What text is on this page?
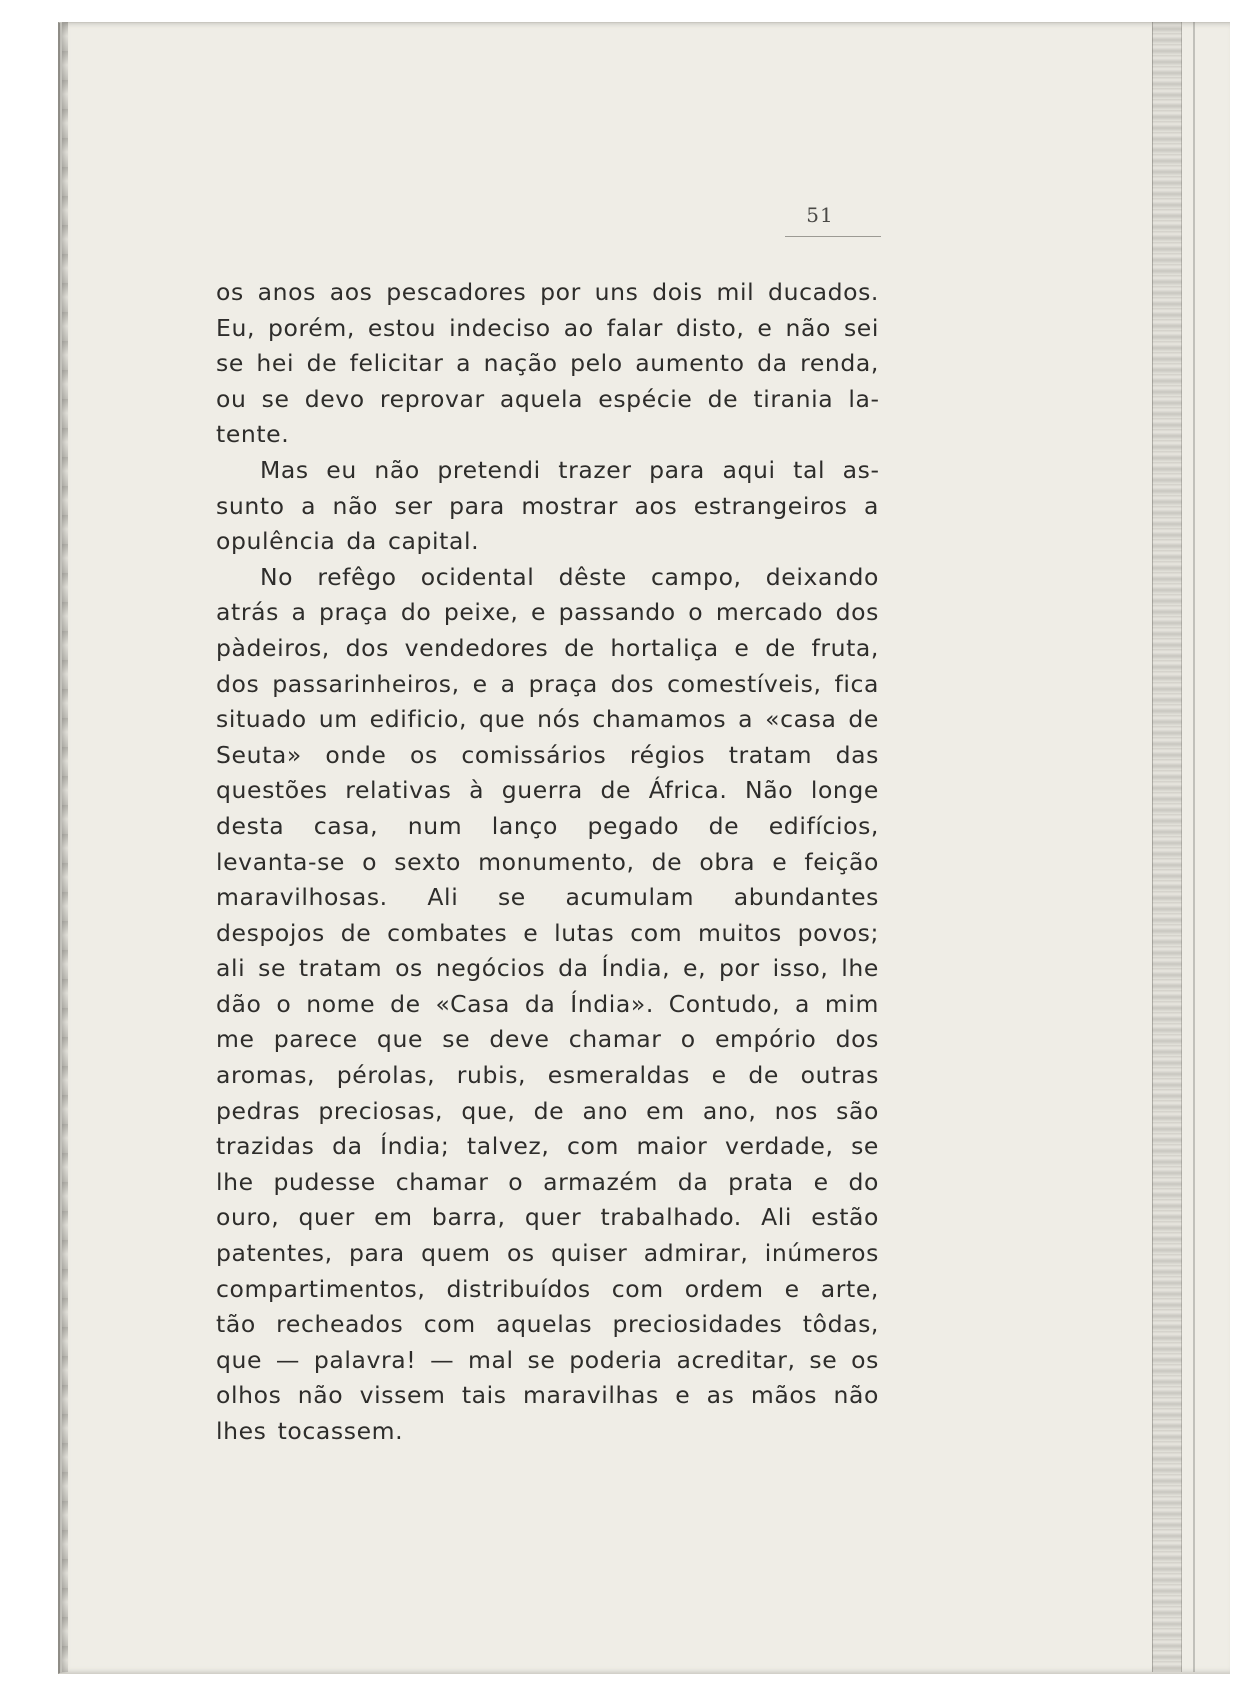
51

os anos aos pescadores por uns dois mil ducados. Eu, porém, estou indeciso ao falar disto, e não sei se hei de felicitar a nação pelo aumento da renda, ou se devo reprovar aquela espécie de tirania latente.

Mas eu não pretendi trazer para aqui tal assunto a não ser para mostrar aos estrangeiros a opulência da capital.

No refêgo ocidental dêste campo, deixando atrás a praça do peixe, e passando o mercado dos pàdeiros, dos vendedores de hortaliça e de fruta, dos passarinheiros, e a praça dos comestíveis, fica situado um edificio, que nós chamamos a «casa de Seuta» onde os comissários régios tratam das questões relativas à guerra de África. Não longe desta casa, num lanço pegado de edifícios, levanta-se o sexto monumento, de obra e feição maravilhosas. Ali se acumulam abundantes despojos de combates e lutas com muitos povos; ali se tratam os negócios da Índia, e, por isso, lhe dão o nome de «Casa da Índia». Contudo, a mim me parece que se deve chamar o empório dos aromas, pérolas, rubis, esmeraldas e de outras pedras preciosas, que, de ano em ano, nos são trazidas da Índia; talvez, com maior verdade, se lhe pudesse chamar o armazém da prata e do ouro, quer em barra, quer trabalhado. Ali estão patentes, para quem os quiser admirar, inúmeros compartimentos, distribuídos com ordem e arte, tão recheados com aquelas preciosidades tôdas, que — palavra! — mal se poderia acreditar, se os olhos não vissem tais maravilhas e as mãos não lhes tocassem.
